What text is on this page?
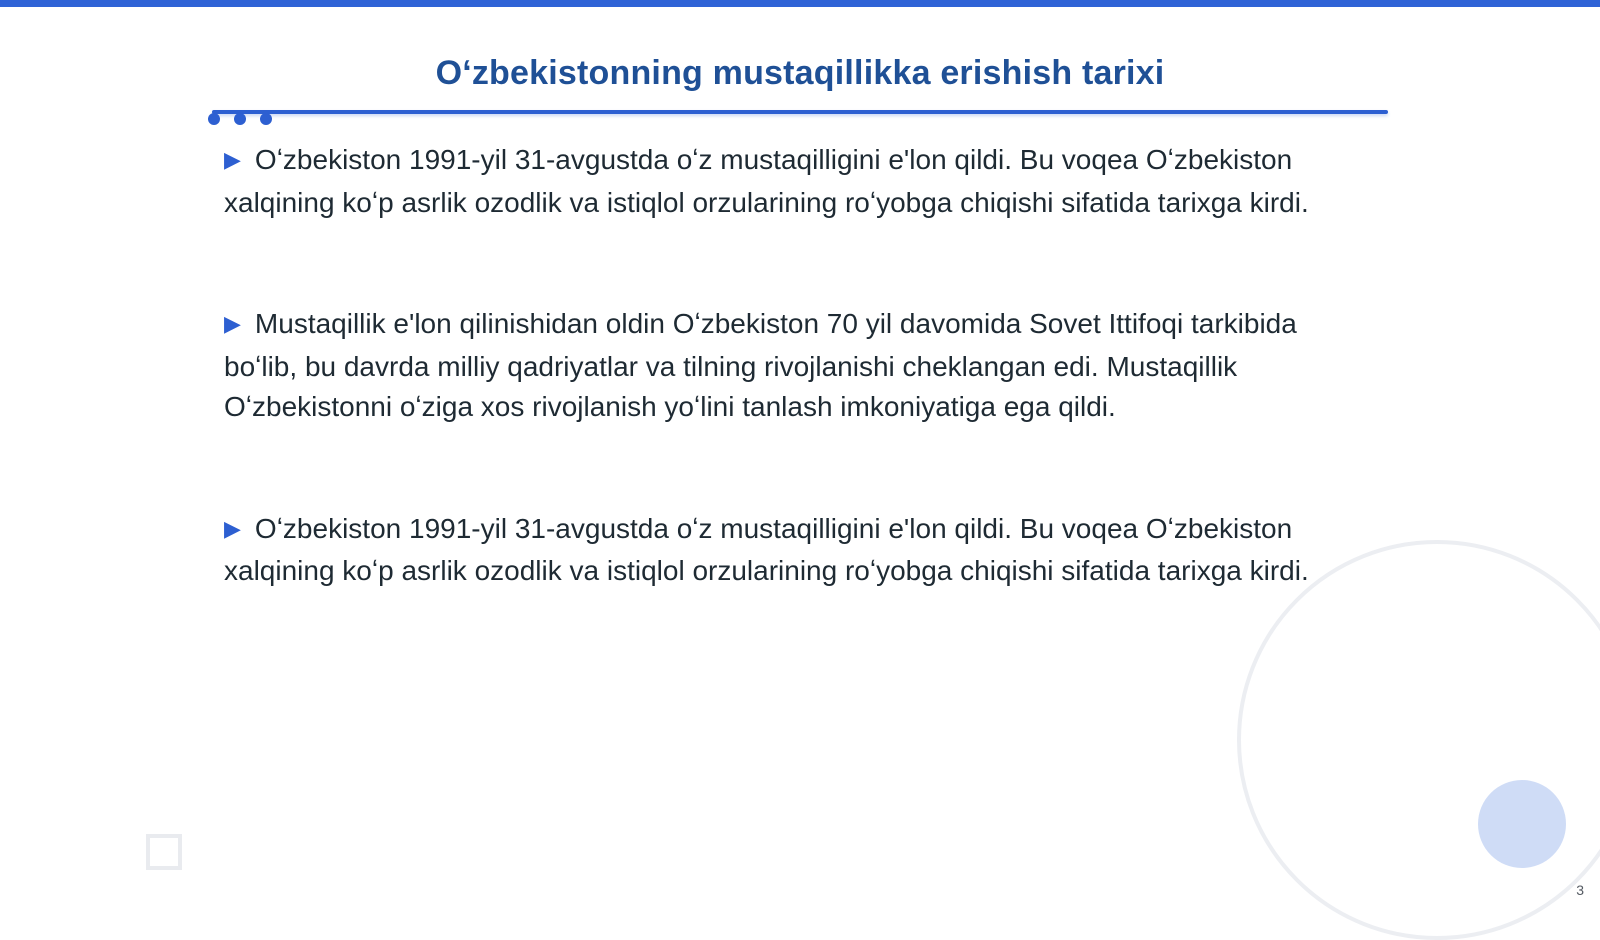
Oʻzbekistonning mustaqillikka erishish tarixi

▶ Oʻzbekiston 1991-yil 31-avgustda oʻz mustaqilligini e'lon qildi. Bu voqea Oʻzbekiston xalqining koʻp asrlik ozodlik va istiqlol orzularining roʻyobga chiqishi sifatida tarixga kirdi.

▶ Mustaqillik e'lon qilinishidan oldin Oʻzbekiston 70 yil davomida Sovet Ittifoqi tarkibida boʻlib, bu davrda milliy qadriyatlar va tilning rivojlanishi cheklangan edi. Mustaqillik Oʻzbekistonni oʻziga xos rivojlanish yoʻlini tanlash imkoniyatiga ega qildi.

▶ Oʻzbekiston 1991-yil 31-avgustda oʻz mustaqilligini e'lon qildi. Bu voqea Oʻzbekiston xalqining koʻp asrlik ozodlik va istiqlol orzularining roʻyobga chiqishi sifatida tarixga kirdi.

3
